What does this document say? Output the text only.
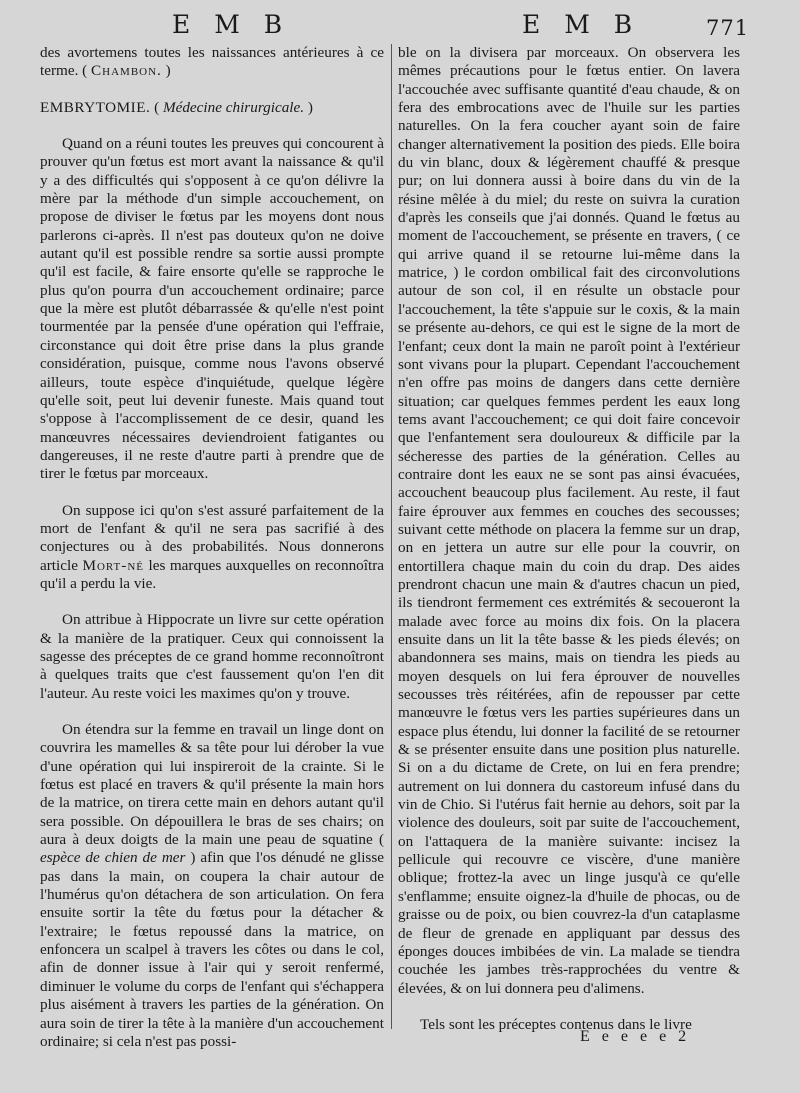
E M B	E M B	771

des avortemens toutes les naissances antérieures à ce terme. ( Chambon. )

EMBRYTOMIE. ( Médecine chirurgicale. )

Quand on a réuni toutes les preuves qui concourent à prouver qu'un fœtus est mort avant la naissance & qu'il y a des difficultés qui s'opposent à ce qu'on délivre la mère par la méthode d'un simple accouchement, on propose de diviser le fœtus par les moyens dont nous parlerons ci-après. Il n'est pas douteux qu'on ne doive autant qu'il est possible rendre sa sortie aussi prompte qu'il est facile, & faire ensorte qu'elle se rapproche le plus qu'on pourra d'un accouchement ordinaire; parce que la mère est plutôt débarrassée & qu'elle n'est point tourmentée par la pensée d'une opération qui l'effraie, circonstance qui doit être prise dans la plus grande considération, puisque, comme nous l'avons observé ailleurs, toute espèce d'inquiétude, quelque légère qu'elle soit, peut lui devenir funeste. Mais quand tout s'oppose à l'accomplissement de ce desir, quand les manœuvres nécessaires deviendroient fatigantes ou dangereuses, il ne reste d'autre parti à prendre que de tirer le fœtus par morceaux.

On suppose ici qu'on s'est assuré parfaitement de la mort de l'enfant & qu'il ne sera pas sacrifié à des conjectures ou à des probabilités. Nous donnerons article Mort-né les marques auxquelles on reconnoîtra qu'il a perdu la vie.

On attribue à Hippocrate un livre sur cette opération & la manière de la pratiquer. Ceux qui connoissent la sagesse des préceptes de ce grand homme reconnoîtront à quelques traits que c'est faussement qu'on l'en dit l'auteur. Au reste voici les maximes qu'on y trouve.

On étendra sur la femme en travail un linge dont on couvrira les mamelles & sa tête pour lui dérober la vue d'une opération qui lui inspireroit de la crainte. Si le fœtus est placé en travers & qu'il présente la main hors de la matrice, on tirera cette main en dehors autant qu'il sera possible. On dépouillera le bras de ses chairs; on aura à deux doigts de la main une peau de squatine ( espèce de chien de mer ) afin que l'os dénudé ne glisse pas dans la main, on coupera la chair autour de l'humérus qu'on détachera de son articulation. On fera ensuite sortir la tête du fœtus pour la détacher & l'extraire; le fœtus repoussé dans la matrice, on enfoncera un scalpel à travers les côtes ou dans le col, afin de donner issue à l'air qui y seroit renfermé, diminuer le volume du corps de l'enfant qui s'échappera plus aisément à travers les parties de la génération. On aura soin de tirer la tête à la manière d'un accouchement ordinaire; si cela n'est pas possi-

ble on la divisera par morceaux. On observera les mêmes précautions pour le fœtus entier. On lavera l'accouchée avec suffisante quantité d'eau chaude, & on fera des embrocations avec de l'huile sur les parties naturelles. On la fera coucher ayant soin de faire changer alternativement la position des pieds. Elle boira du vin blanc, doux & légèrement chauffé & presque pur; on lui donnera aussi à boire dans du vin de la résine mêlée à du miel; du reste on suivra la curation d'après les conseils que j'ai donnés. Quand le fœtus au moment de l'accouchement, se présente en travers, ( ce qui arrive quand il se retourne lui-même dans la matrice, ) le cordon ombilical fait des circonvolutions autour de son col, il en résulte un obstacle pour l'accouchement, la tête s'appuie sur le coxis, & la main se présente au-dehors, ce qui est le signe de la mort de l'enfant; ceux dont la main ne paroît point à l'extérieur sont vivans pour la plupart. Cependant l'accouchement n'en offre pas moins de dangers dans cette dernière situation; car quelques femmes perdent les eaux long tems avant l'accouchement; ce qui doit faire concevoir que l'enfantement sera douloureux & difficile par la sécheresse des parties de la génération. Celles au contraire dont les eaux ne se sont pas ainsi évacuées, accouchent beaucoup plus facilement. Au reste, il faut faire éprouver aux femmes en couches des secousses; suivant cette méthode on placera la femme sur un drap, on en jettera un autre sur elle pour la couvrir, on entortillera chaque main du coin du drap. Des aides prendront chacun une main & d'autres chacun un pied, ils tiendront fermement ces extrémités & secoueront la malade avec force au moins dix fois. On la placera ensuite dans un lit la tête basse & les pieds élevés; on abandonnera ses mains, mais on tiendra les pieds au moyen desquels on lui fera éprouver de nouvelles secousses très réitérées, afin de repousser par cette manœuvre le fœtus vers les parties supérieures dans un espace plus étendu, lui donner la facilité de se retourner & se présenter ensuite dans une position plus naturelle. Si on a du dictame de Crete, on lui en fera prendre; autrement on lui donnera du castoreum infusé dans du vin de Chio. Si l'utérus fait hernie au dehors, soit par la violence des douleurs, soit par suite de l'accouchement, on l'attaquera de la manière suivante: incisez la pellicule qui recouvre ce viscère, d'une manière oblique; frottez-la avec un linge jusqu'à ce qu'elle s'enflamme; ensuite oignez-la d'huile de phocas, ou de graisse ou de poix, ou bien couvrez-la d'un cataplasme de fleur de grenade en appliquant par dessus des éponges douces imbibées de vin. La malade se tiendra couchée les jambes très-rapprochées du ventre & élevées, & on lui donnera peu d'alimens.

Tels sont les préceptes contenus dans le livre

E e e e e 2
